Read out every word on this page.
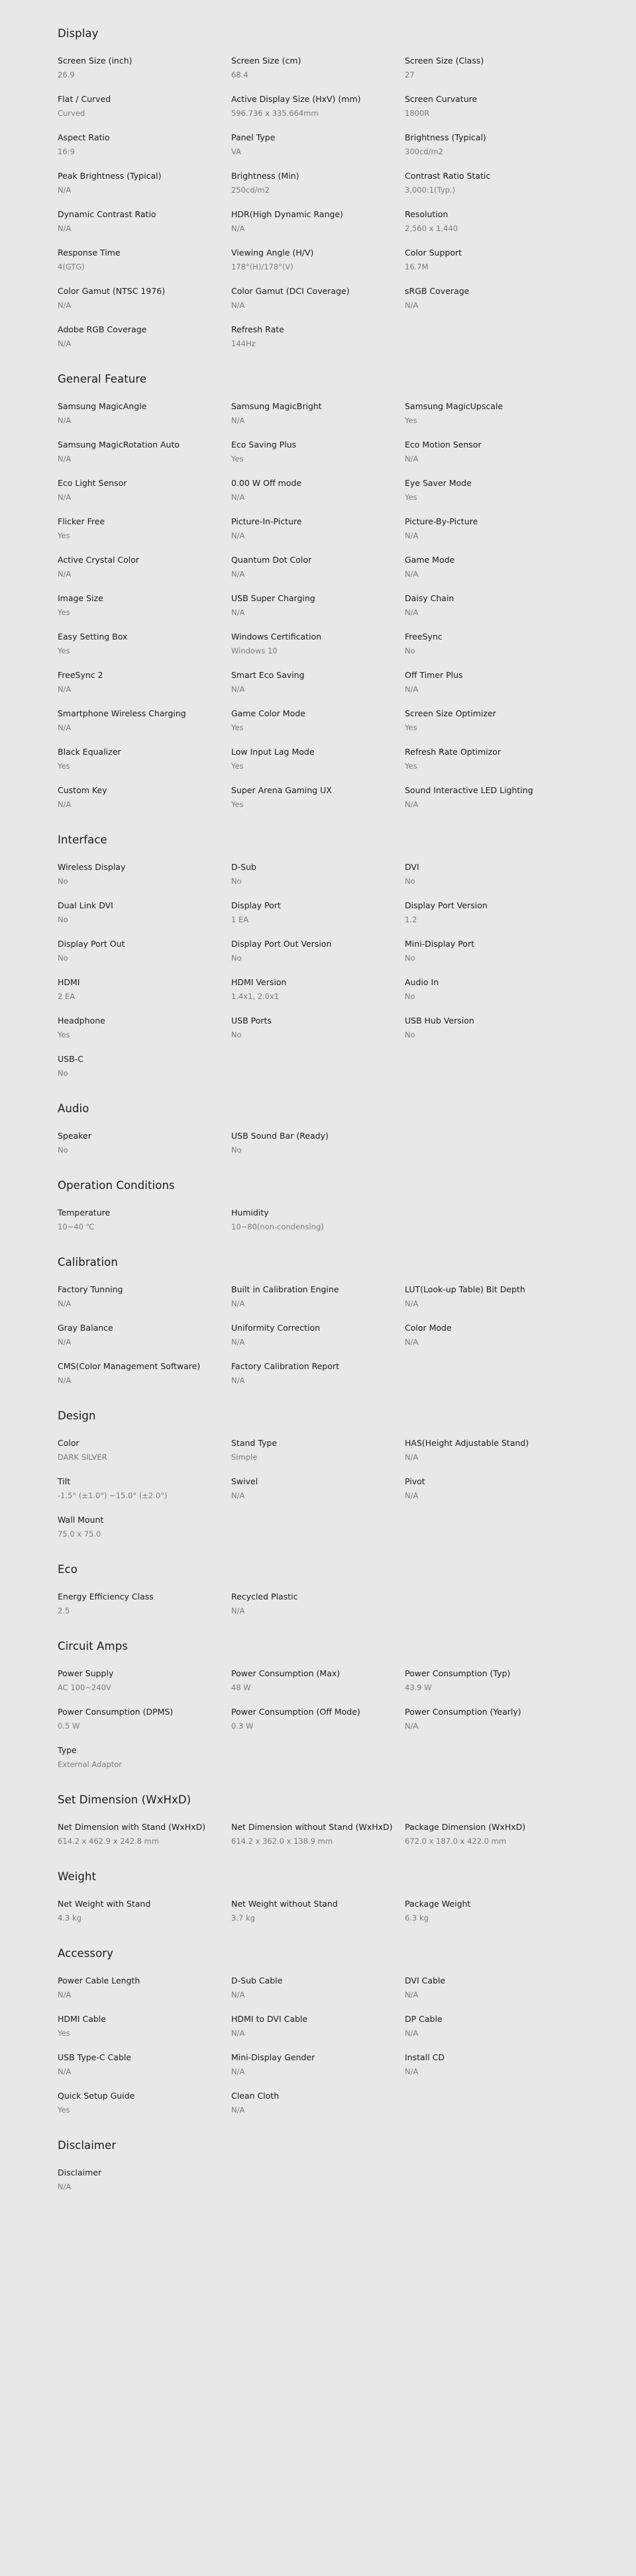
Display
Screen Size (inch)
26.9
Screen Size (cm)
68.4
Screen Size (Class)
27
Flat / Curved
Curved
Active Display Size (HxV) (mm)
596.736 x 335.664mm
Screen Curvature
1800R
Aspect Ratio
16:9
Panel Type
VA
Brightness (Typical)
300cd/m2
Peak Brightness (Typical)
N/A
Brightness (Min)
250cd/m2
Contrast Ratio Static
3,000:1(Typ.)
Dynamic Contrast Ratio
N/A
HDR(High Dynamic Range)
N/A
Resolution
2,560 x 1,440
Response Time
4(GTG)
Viewing Angle (H/V)
178°(H)/178°(V)
Color Support
16.7M
Color Gamut (NTSC 1976)
N/A
Color Gamut (DCI Coverage)
N/A
sRGB Coverage
N/A
Adobe RGB Coverage
N/A
Refresh Rate
144Hz
General Feature
Samsung MagicAngle
N/A
Samsung MagicBright
N/A
Samsung MagicUpscale
Yes
Samsung MagicRotation Auto
N/A
Eco Saving Plus
Yes
Eco Motion Sensor
N/A
Eco Light Sensor
N/A
0.00 W Off mode
N/A
Eye Saver Mode
Yes
Flicker Free
Yes
Picture-In-Picture
N/A
Picture-By-Picture
N/A
Active Crystal Color
N/A
Quantum Dot Color
N/A
Game Mode
N/A
Image Size
Yes
USB Super Charging
N/A
Daisy Chain
N/A
Easy Setting Box
Yes
Windows Certification
Windows 10
FreeSync
No
FreeSync 2
N/A
Smart Eco Saving
N/A
Off Timer Plus
N/A
Smartphone Wireless Charging
N/A
Game Color Mode
Yes
Screen Size Optimizer
Yes
Black Equalizer
Yes
Low Input Lag Mode
Yes
Refresh Rate Optimizor
Yes
Custom Key
N/A
Super Arena Gaming UX
Yes
Sound Interactive LED Lighting
N/A
Interface
Wireless Display
No
D-Sub
No
DVI
No
Dual Link DVI
No
Display Port
1 EA
Display Port Version
1.2
Display Port Out
No
Display Port Out Version
No
Mini-Display Port
No
HDMI
2 EA
HDMI Version
1.4x1, 2.0x1
Audio In
No
Headphone
Yes
USB Ports
No
USB Hub Version
No
USB-C
No
Audio
Speaker
No
USB Sound Bar (Ready)
No
Operation Conditions
Temperature
10~40 ℃
Humidity
10~80(non-condensing)
Calibration
Factory Tunning
N/A
Built in Calibration Engine
N/A
LUT(Look-up Table) Bit Depth
N/A
Gray Balance
N/A
Uniformity Correction
N/A
Color Mode
N/A
CMS(Color Management Software)
N/A
Factory Calibration Report
N/A
Design
Color
DARK SILVER
Stand Type
Simple
HAS(Height Adjustable Stand)
N/A
Tilt
-1.5° (±1.0°) ~15.0° (±2.0°)
Swivel
N/A
Pivot
N/A
Wall Mount
75.0 x 75.0
Eco
Energy Efficiency Class
2.5
Recycled Plastic
N/A
Circuit Amps
Power Supply
AC 100~240V
Power Consumption (Max)
48 W
Power Consumption (Typ)
43.9 W
Power Consumption (DPMS)
0.5 W
Power Consumption (Off Mode)
0.3 W
Power Consumption (Yearly)
N/A
Type
External Adaptor
Set Dimension (WxHxD)
Net Dimension with Stand (WxHxD)
614.2 x 462.9 x 242.8 mm
Net Dimension without Stand (WxHxD)
614.2 x 362.0 x 138.9 mm
Package Dimension (WxHxD)
672.0 x 187.0 x 422.0 mm
Weight
Net Weight with Stand
4.3 kg
Net Weight without Stand
3.7 kg
Package Weight
6.3 kg
Accessory
Power Cable Length
N/A
D-Sub Cable
N/A
DVI Cable
N/A
HDMI Cable
Yes
HDMI to DVI Cable
N/A
DP Cable
N/A
USB Type-C Cable
N/A
Mini-Display Gender
N/A
Install CD
N/A
Quick Setup Guide
Yes
Clean Cloth
N/A
Disclaimer
Disclaimer
N/A
